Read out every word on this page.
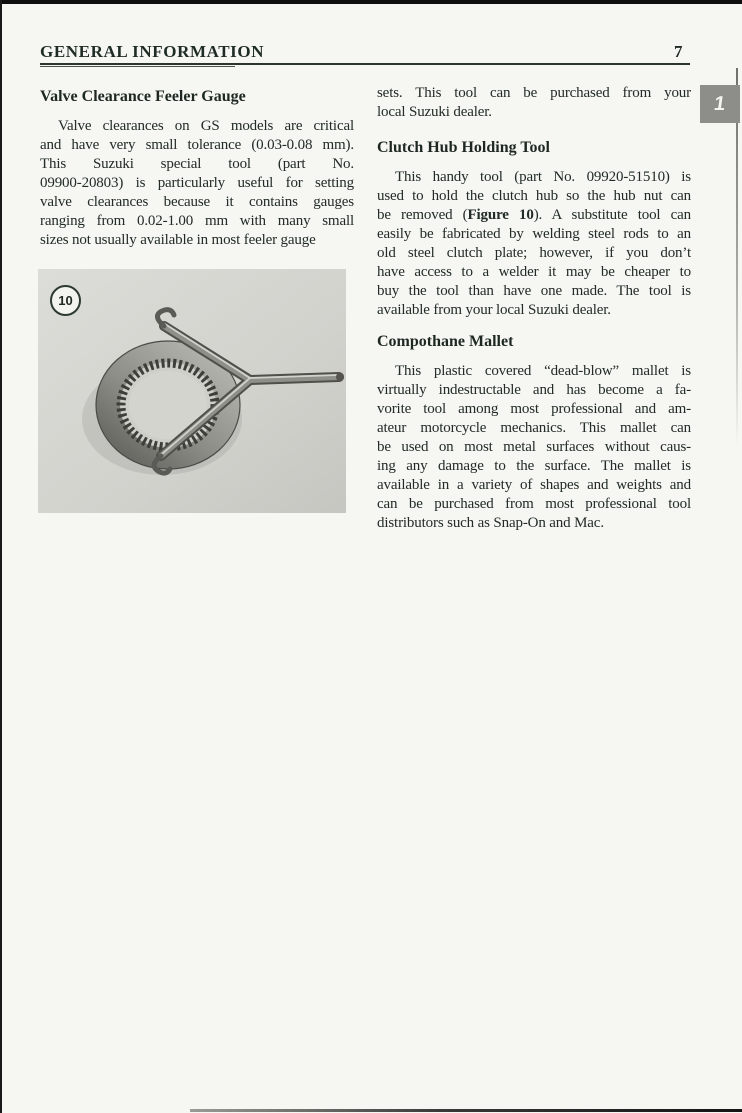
GENERAL INFORMATION	7
1
Valve Clearance Feeler Gauge
Valve clearances on GS models are critical
and have very small tolerance (0.03-0.08 mm).
This Suzuki special tool (part No.
09900-20803) is particularly useful for setting
valve clearances because it contains gauges
ranging from 0.02-1.00 mm with many small
sizes not usually available in most feeler gauge
10
sets. This tool can be purchased from your
local Suzuki dealer.
Clutch Hub Holding Tool
This handy tool (part No. 09920-51510) is
used to hold the clutch hub so the hub nut can
be removed (Figure 10). A substitute tool can
easily be fabricated by welding steel rods to an
old steel clutch plate; however, if you don’t
have access to a welder it may be cheaper to
buy the tool than have one made. The tool is
available from your local Suzuki dealer.
Compothane Mallet
This plastic covered “dead-blow” mallet is
virtually indestructable and has become a fa-
vorite tool among most professional and am-
ateur motorcycle mechanics. This mallet can
be used on most metal surfaces without caus-
ing any damage to the surface. The mallet is
available in a variety of shapes and weights and
can be purchased from most professional tool
distributors such as Snap-On and Mac.
